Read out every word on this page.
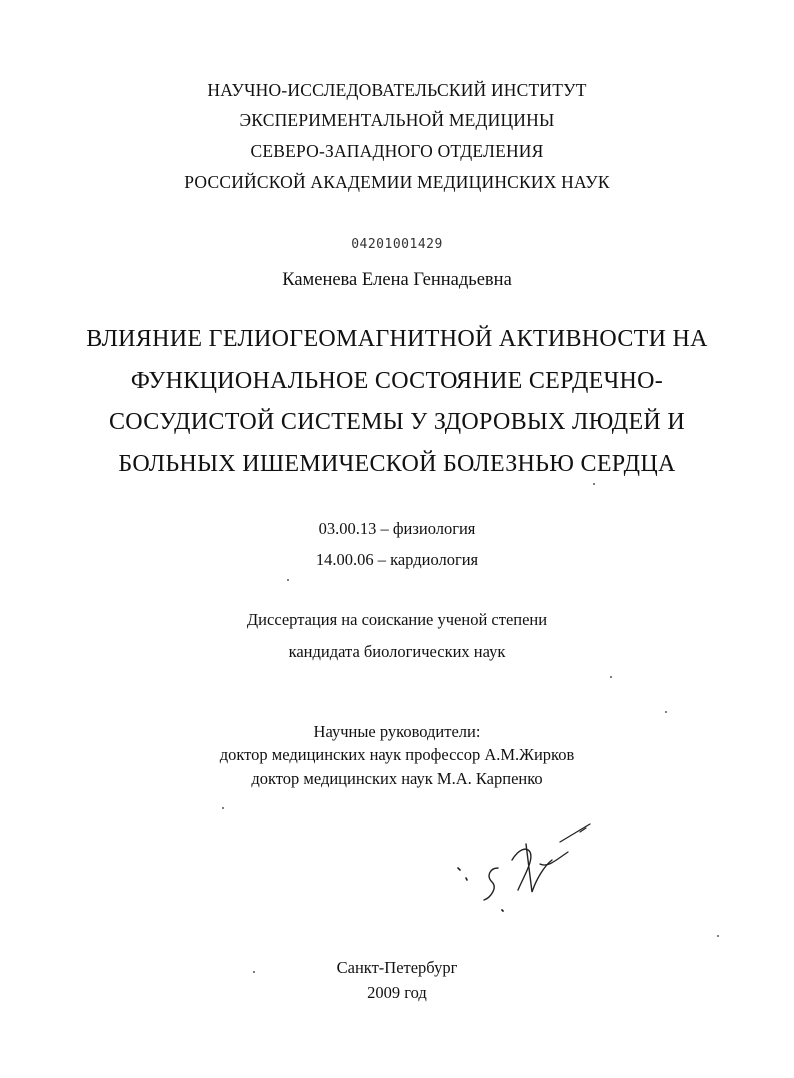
НАУЧНО-ИССЛЕДОВАТЕЛЬСКИЙ ИНСТИТУТ
ЭКСПЕРИМЕНТАЛЬНОЙ МЕДИЦИНЫ
СЕВЕРО-ЗАПАДНОГО ОТДЕЛЕНИЯ
РОССИЙСКОЙ АКАДЕМИИ МЕДИЦИНСКИХ НАУК
04201001429
Каменева Елена Геннадьевна
ВЛИЯНИЕ ГЕЛИОГЕОМАГНИТНОЙ АКТИВНОСТИ НА
ФУНКЦИОНАЛЬНОЕ СОСТОЯНИЕ СЕРДЕЧНО-
СОСУДИСТОЙ СИСТЕМЫ У ЗДОРОВЫХ ЛЮДЕЙ И
БОЛЬНЫХ ИШЕМИЧЕСКОЙ БОЛЕЗНЬЮ СЕРДЦА
03.00.13 – физиология
14.00.06 – кардиология
Диссертация на соискание ученой степени
кандидата биологических наук
Научные руководители:
доктор медицинских наук профессор А.М.Жирков
доктор медицинских наук М.А. Карпенко
Санкт-Петербург
2009 год
